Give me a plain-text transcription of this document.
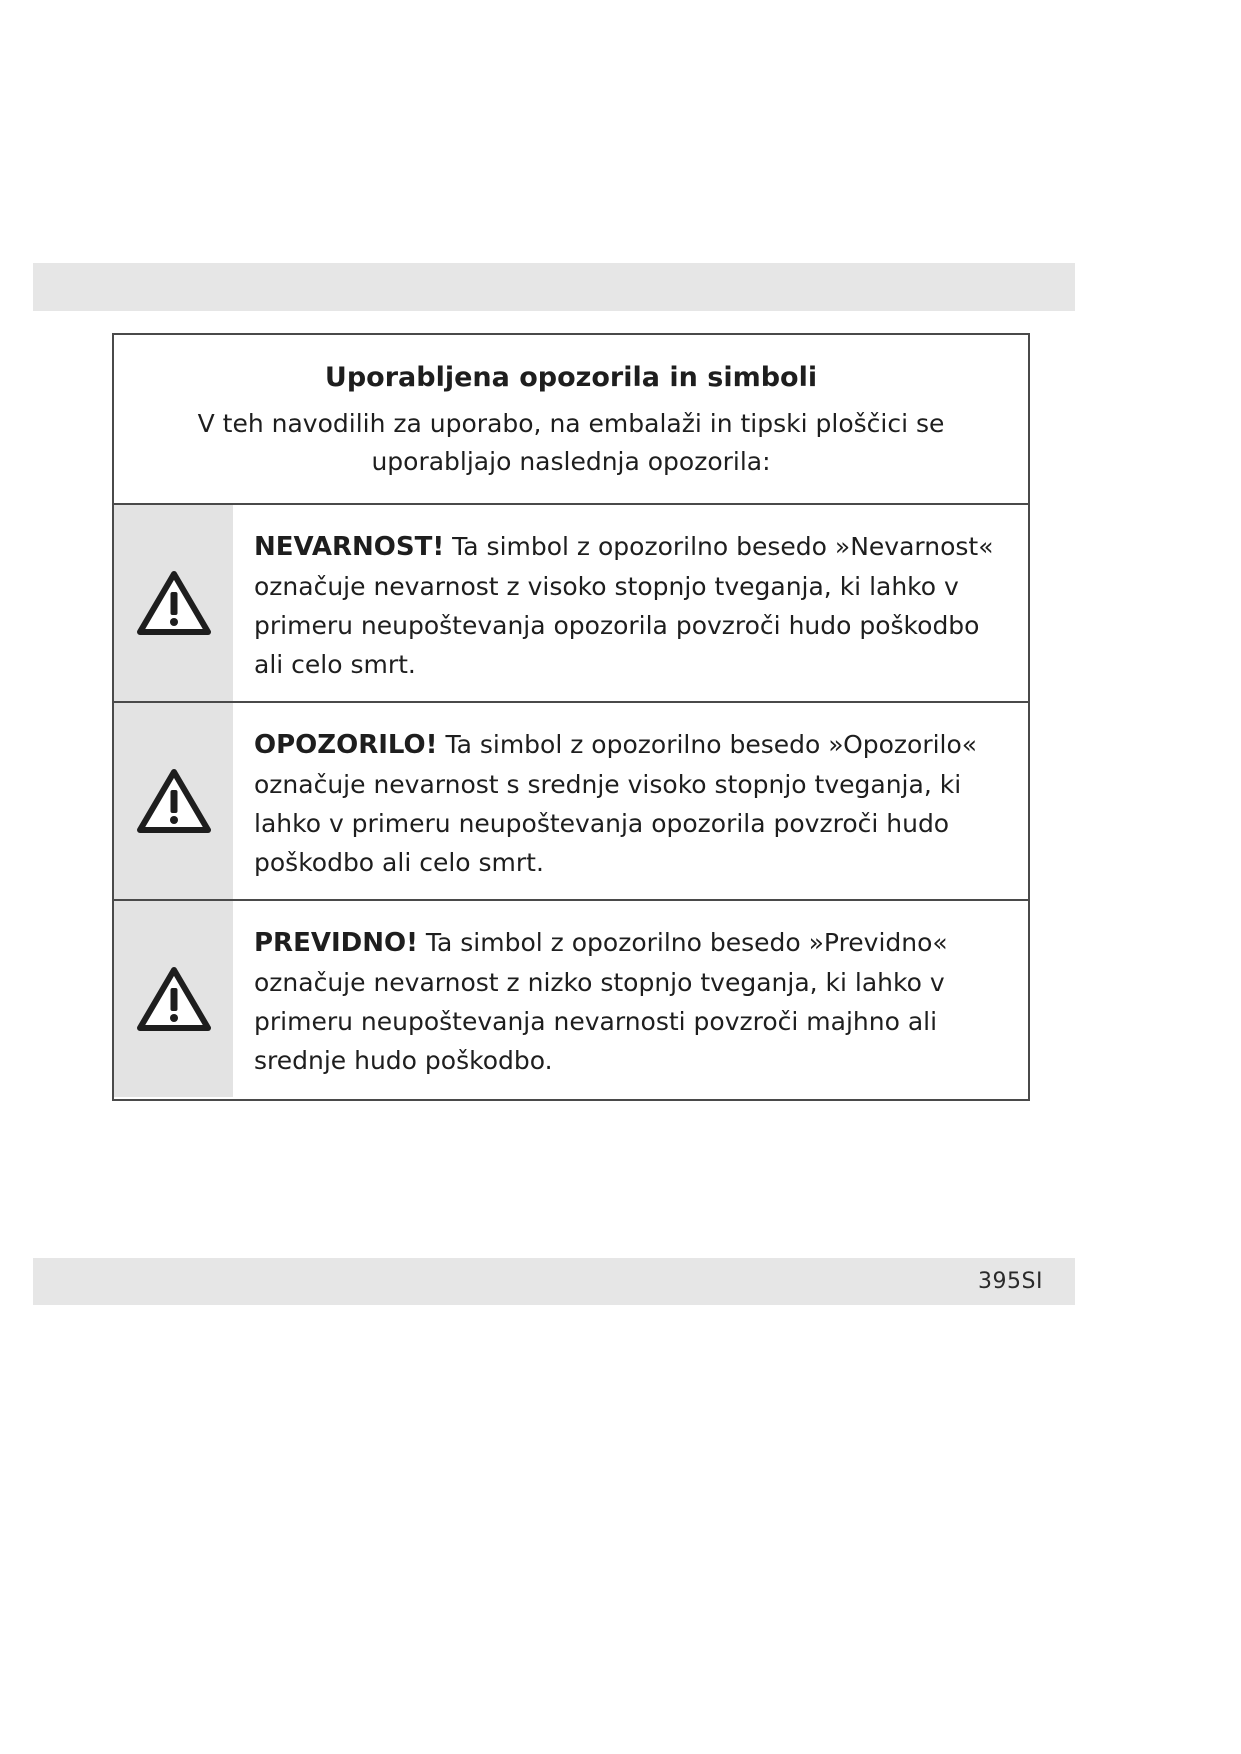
Uporabljena opozorila in simboli
V teh navodilih za uporabo, na embalaži in tipski ploščici se uporabljajo naslednja opozorila:
NEVARNOST! Ta simbol z opozorilno besedo »Nevarnost« označuje nevarnost z visoko stopnjo tveganja, ki lahko v primeru neupoštevanja opozorila povzroči hudo poškodbo ali celo smrt.
OPOZORILO! Ta simbol z opozorilno besedo »Opozorilo« označuje nevarnost s srednje visoko stopnjo tveganja, ki lahko v primeru neupoštevanja opozorila povzroči hudo poškodbo ali celo smrt.
PREVIDNO! Ta simbol z opozorilno besedo »Previdno« označuje nevarnost z nizko stopnjo tveganja, ki lahko v primeru neupoštevanja nevarnosti povzroči majhno ali srednje hudo poškodbo.
395SI
